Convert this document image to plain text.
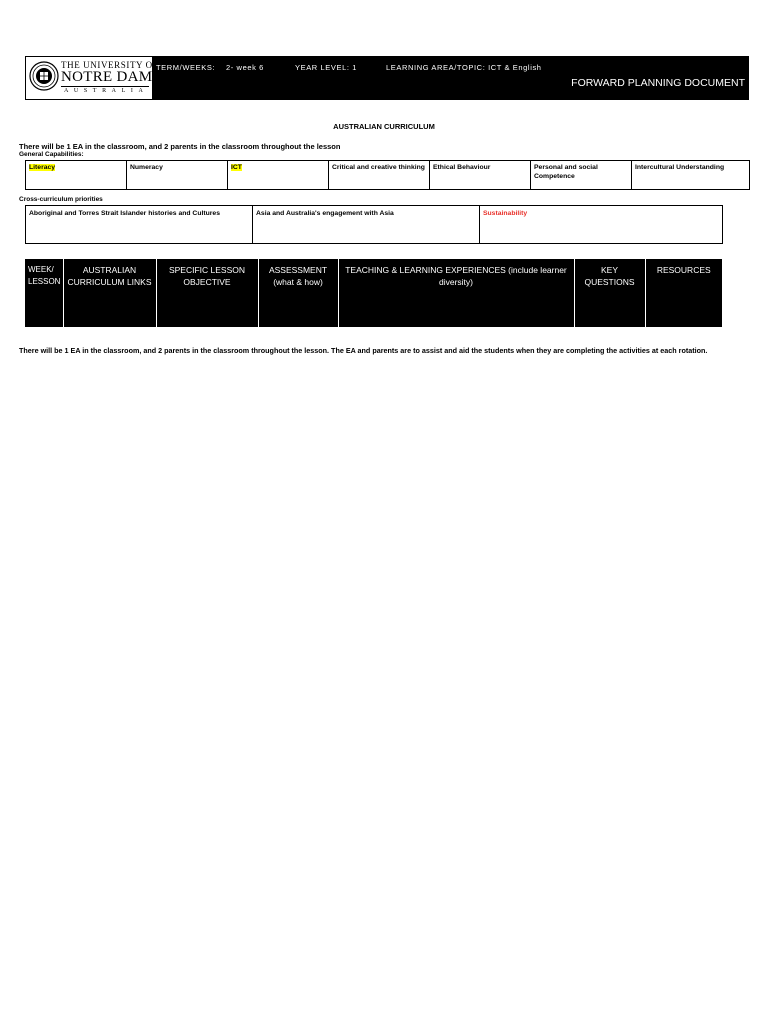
THE UNIVERSITY OF
NOTRE DAME
AUSTRALIA
TERM/WEEKS: 2- week 6	YEAR LEVEL: 1	LEARNING AREA/TOPIC: ICT & English
FORWARD PLANNING DOCUMENT
AUSTRALIAN CURRICULUM
There will be 1 EA in the classroom, and 2 parents in the classroom throughout the lesson
General Capabilities:
Literacy	Numeracy	ICT	Critical and creative thinking	Ethical Behaviour	Personal and social Competence	Intercultural Understanding
Cross-curriculum priorities
Aboriginal and Torres Strait Islander histories and Cultures	Asia and Australia's engagement with Asia	Sustainability
WEEK/ LESSON	AUSTRALIAN CURRICULUM LINKS	SPECIFIC LESSON OBJECTIVE	ASSESSMENT (what & how)	TEACHING & LEARNING EXPERIENCES (include learner diversity)	KEY QUESTIONS	RESOURCES
There will be 1 EA in the classroom, and 2 parents in the classroom throughout the lesson. The EA and parents are to assist and aid the students when they are completing the activities at each rotation.
